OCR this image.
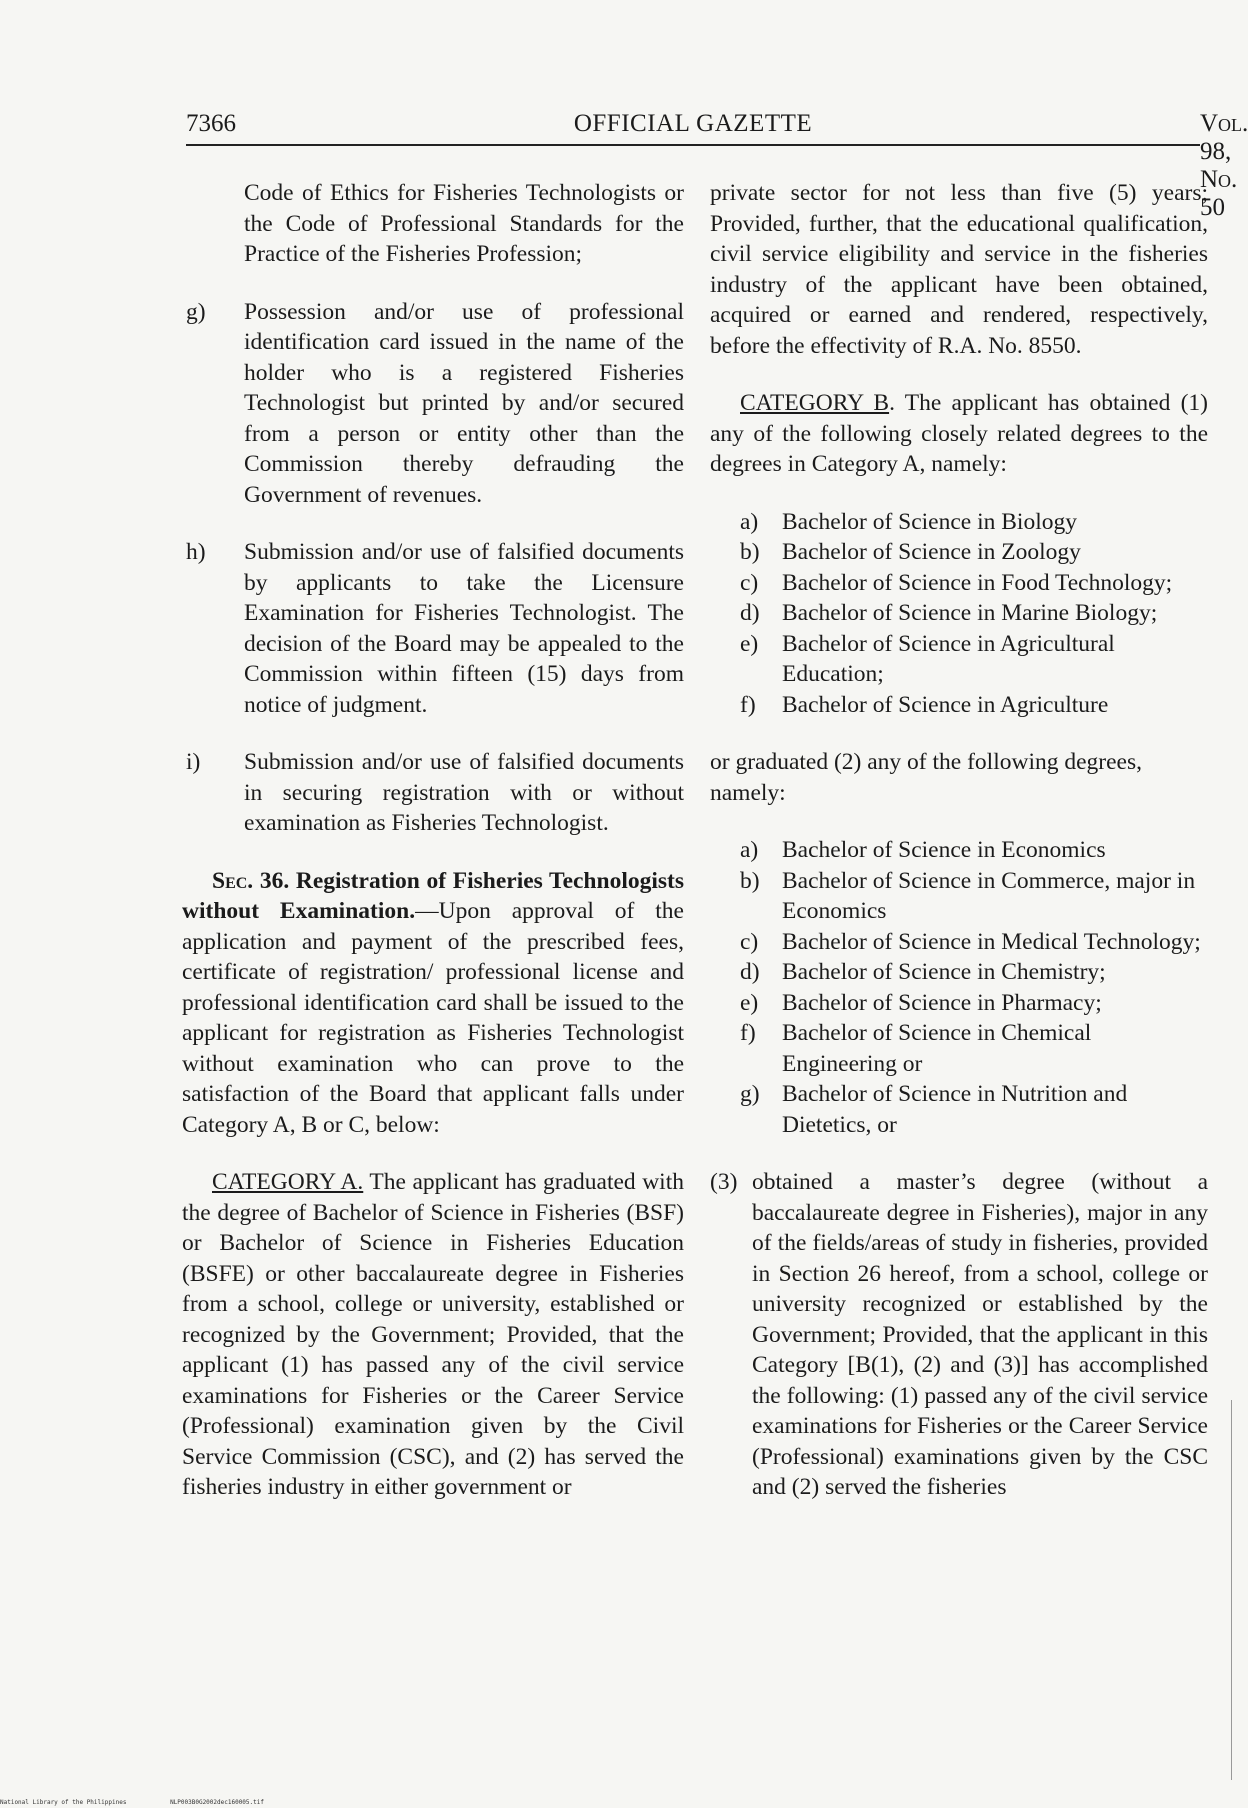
7366	OFFICIAL GAZETTE	Vol. 98, No. 50

Code of Ethics for Fisheries Technologists or the Code of Professional Standards for the Practice of the Fisheries Profession;

g)	Possession and/or use of professional identification card issued in the name of the holder who is a registered Fisheries Technologist but printed by and/or secured from a person or entity other than the Commission thereby defrauding the Government of revenues.
h)	Submission and/or use of falsified documents by applicants to take the Licensure Examination for Fisheries Technologist. The decision of the Board may be appealed to the Commission within fifteen (15) days from notice of judgment.
i)	Submission and/or use of falsified documents in securing registration with or without examination as Fisheries Technologist.

Sec. 36. Registration of Fisheries Technologists without Examination.—Upon approval of the application and payment of the prescribed fees, certificate of registration/ professional license and professional identification card shall be issued to the applicant for registration as Fisheries Technologist without examination who can prove to the satisfaction of the Board that applicant falls under Category A, B or C, below:

CATEGORY A. The applicant has graduated with the degree of Bachelor of Science in Fisheries (BSF) or Bachelor of Science in Fisheries Education (BSFE) or other baccalaureate degree in Fisheries from a school, college or university, established or recognized by the Government; Provided, that the applicant (1) has passed any of the civil service examinations for Fisheries or the Career Service (Professional) examination given by the Civil Service Commission (CSC), and (2) has served the fisheries industry in either government or

private sector for not less than five (5) years; Provided, further, that the educational qualification, civil service eligibility and service in the fisheries industry of the applicant have been obtained, acquired or earned and rendered, respectively, before the effectivity of R.A. No. 8550.

CATEGORY B. The applicant has obtained (1) any of the following closely related degrees to the degrees in Category A, namely:

a)	Bachelor of Science in Biology
b) Bachelor of Science in Zoology
c)	Bachelor of Science in Food Technology;
d) Bachelor of Science in Marine Biology;
e)	Bachelor of Science in Agricultural Education;
f)	Bachelor of Science in Agriculture

or graduated (2) any of the following degrees, namely:

a)	Bachelor of Science in Economics
b) Bachelor of Science in Commerce, major in Economics
c)	Bachelor of Science in Medical Technology;
d) Bachelor of Science in Chemistry;
e)	Bachelor of Science in Pharmacy;
f)	Bachelor of Science in Chemical Engineering or
g) Bachelor of Science in Nutrition and Dietetics, or
(3) obtained a master’s degree (without a baccalaureate degree in Fisheries), major in any of the fields/areas of study in fisheries, provided in Section 26 hereof, from a school, college or university recognized or established by the Government; Provided, that the applicant in this Category [B(1), (2) and (3)] has accomplished the following: (1) passed any of the civil service examinations for Fisheries or the Career Service (Professional) examinations given by the CSC and (2) served the fisheries
National Library of the Philippines	NLP003B0G2002dec160005.tif
